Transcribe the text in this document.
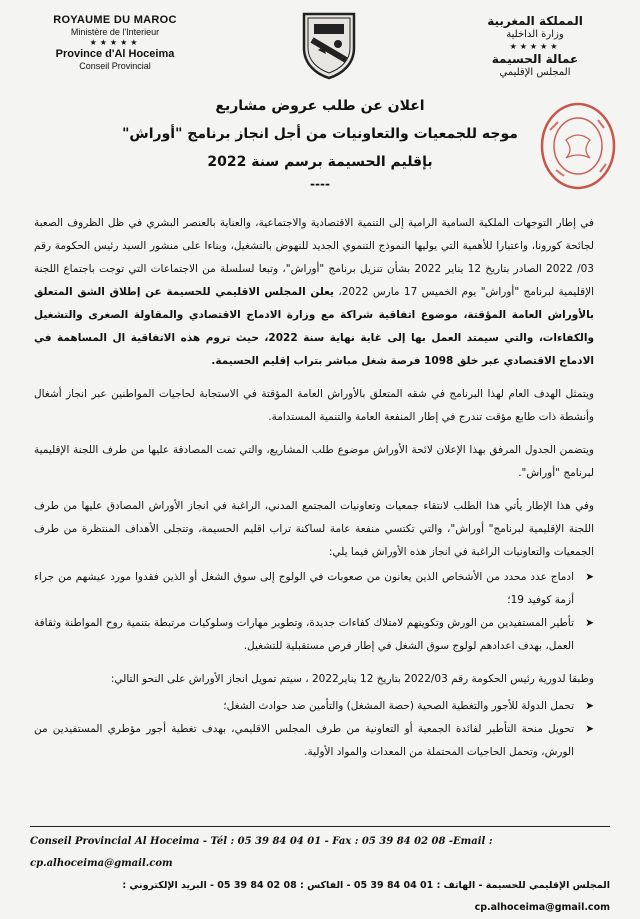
ROYAUME DU MAROC
Ministère de l'Interieur
★★★★★
Province d'Al Hoceima
Conseil Provincial
المملكة المغربية
وزارة الداخلية
★★★★★
عمالة الحسيمة
المجلس الإقليمي
اعلان عن طلب عروض مشاريع
موجه للجمعيات والتعاونيات من أجل انجاز برنامج "أوراش"
بإقليم الحسيمة برسم سنة 2022
----

في إطار التوجهات الملكية السامية الرامية إلى التنمية الاقتصادية والاجتماعية، والعناية بالعنصر البشري في ظل الظروف الصعبة لجائحة كورونا، واعتبارا للأهمية التي يوليها النموذج التنموي الجديد للنهوض بالتشغيل، وبناءا على منشور السيد رئيس الحكومة رقم 03/ 2022 الصادر بتاريخ 12 يناير 2022 بشأن تنزيل برنامج "أوراش"، وتبعا لسلسلة من الاجتماعات التي توجت باجتماع اللجنة الإقليمية لبرنامج "أوراش" يوم الخميس 17 مارس 2022، يعلن المجلس الاقليمي للحسيمة عن إطلاق الشق المتعلق بالأوراش العامة المؤقتة، موضوع اتفاقية شراكة مع وزارة الادماج الاقتصادي والمقاولة الصغرى والتشغيل والكفاءات، والتي سيمتد العمل بها إلى غاية نهاية سنة 2022، حيث تروم هذه الاتفاقية ال المساهمة في الادماج الاقتصادي عبر خلق 1098 فرصة شغل مباشر بتراب إقليم الحسيمة.

ويتمثل الهدف العام لهذا البرنامج في شقه المتعلق بالأوراش العامة المؤقتة في الاستجابة لحاجيات المواطنين عبر انجاز أشغال وأنشطة ذات طابع مؤقت تندرج في إطار المنفعة العامة والتنمية المستدامة.

ويتضمن الجدول المرفق بهذا الإعلان لائحة الأوراش موضوع طلب المشاريع، والتي تمت المصادقة عليها من طرف اللجنة الإقليمية لبرنامج "أوراش".

وفي هذا الإطار يأتي هذا الطلب لانتقاء جمعيات وتعاونيات المجتمع المدني، الراغبة في انجاز الأوراش المصادق عليها من طرف اللجنة الإقليمية لبرنامج" أوراش"، والتي تكتسي منفعة عامة لساكنة تراب اقليم الحسيمة، وتتجلى الأهداف المنتظرة من طرف الجمعيات والتعاونيات الراغبة في انجاز هذه الأوراش فيما يلي:

➤
ادماج عدد محدد من الأشخاص الذين يعانون من صعوبات في الولوج إلى سوق الشغل أو الذين فقدوا مورد عيشهم من جراء أزمة كوفيد 19؛
➤
تأطير المستفيدين من الورش وتكوينهم لامتلاك كفاءات جديدة، وتطوير مهارات وسلوكيات مرتبطة بتنمية روح المواطنة وثقافة العمل، بهدف اعدادهم لولوج سوق الشغل في إطار فرص مستقبلية للتشغيل.

وطبقا لدورية رئيس الحكومة رقم 2022/03 بتاريخ 12 يناير2022 ، سيتم تمويل انجاز الأوراش على النحو التالي:

➤
تحمل الدولة للأجور والتغطية الصحية (حصة المشغل) والتأمين ضد حوادث الشغل؛
➤
تحويل منحة التأطير لفائدة الجمعية أو التعاونية من طرف المجلس الاقليمي، بهدف تغطية أجور مؤطري المستفيدين من الورش، وتحمل الحاجيات المحتملة من المعدات والمواد الأولية.
Conseil Provincial Al Hoceima - Tél : 05 39 84 04 01 - Fax : 05 39 84 02 08 -Email : cp.alhoceima@gmail.com
المجلس الإقليمي للحسيمة - الهاتف : 01 04 84 39 05 - الفاكس : 08 02 84 39 05 - البريد الإلكتروني : cp.alhoceima@gmail.com
